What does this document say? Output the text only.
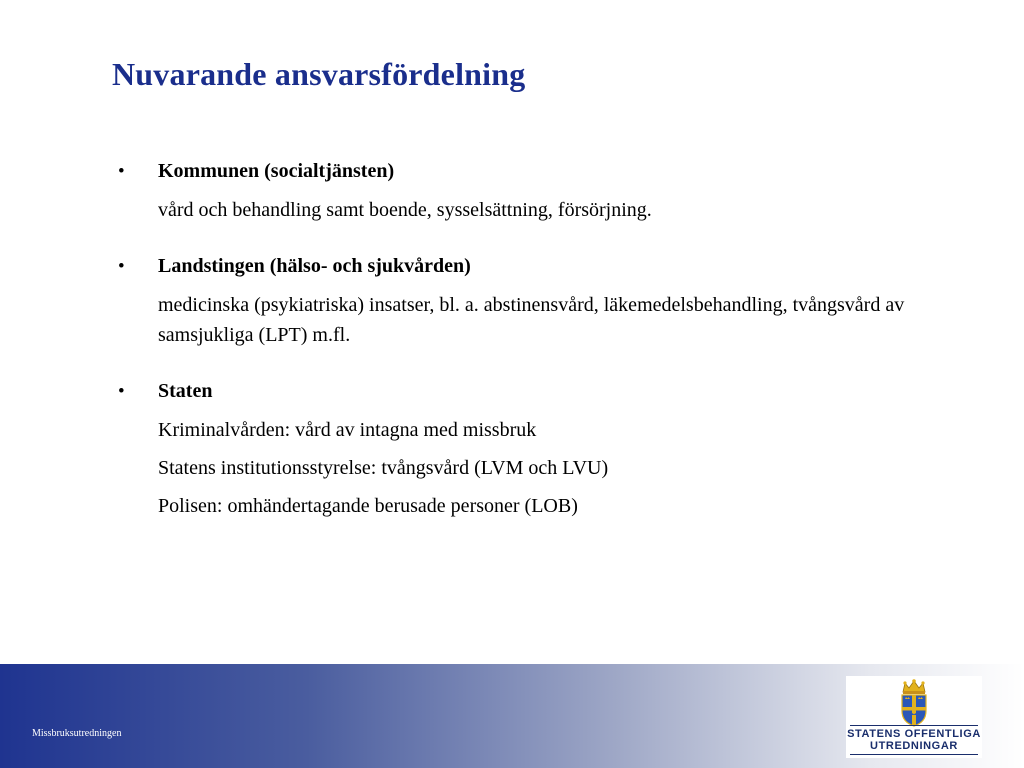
Nuvarande ansvarsfördelning
•	Kommunen (socialtjänsten)
vård och behandling samt boende, sysselsättning, försörjning.
•	Landstingen (hälso- och sjukvården)
medicinska (psykiatriska) insatser, bl. a. abstinensvård, läkemedelsbehandling, tvångsvård av samsjukliga (LPT) m.fl.
•	Staten
Kriminalvården: vård av intagna med missbruk
Statens institutionsstyrelse: tvångsvård (LVM och LVU)
Polisen: omhändertagande berusade personer (LOB)
Missbruksutredningen	STATENS OFFENTLIGA
UTREDNINGAR
